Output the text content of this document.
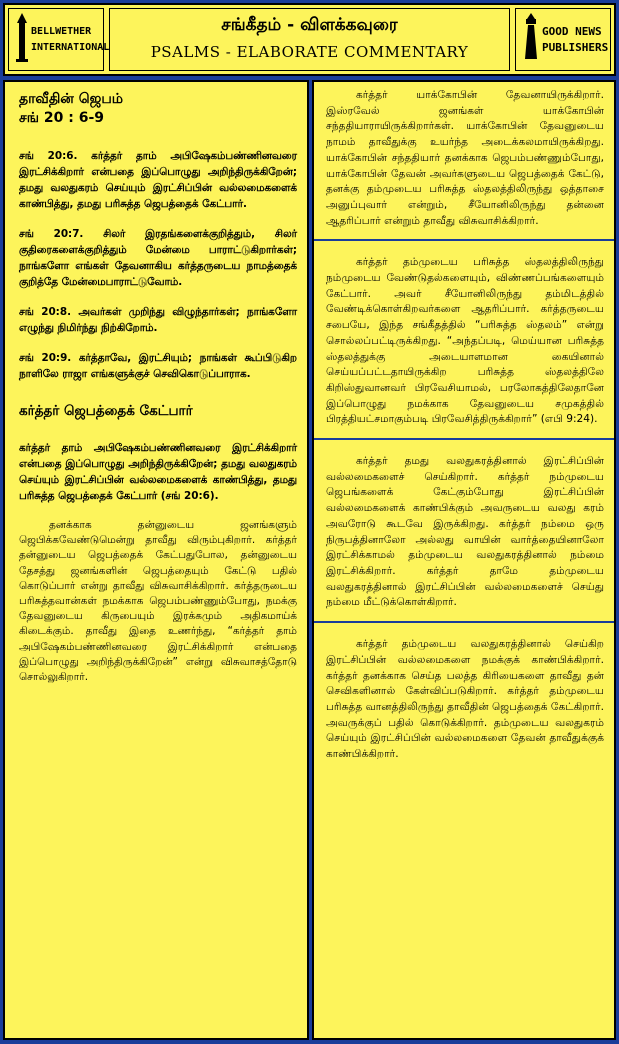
BELLWETHER
INTERNATIONAL
சங்கீதம் - விளக்கவுரை
PSALMS - ELABORATE COMMENTARY
GOOD NEWS
PUBLISHERS

தாவீதின் ஜெபம்

சங் 20 : 6-9

சங் 20:6. கர்த்தர் தாம் அபிஷேகம்பண்ணினவரை இரட்சிக்கிறார் என்பதை இப்பொழுது அறிந்திருக்கிறேன்; தமது வலதுகரம் செய்யும் இரட்சிப்பின் வல்லமைகளைக் காண்பித்து, தமது பரிசுத்த ஜெபத்தைக் கேட்பார்.

சங் 20:7. சிலர் இரதங்களைக்குறித்தும், சிலர் குதிரைகளைக்குறித்தும் மேன்மை பாராட்டுகிறார்கள்; நாங்களோ எங்கள் தேவனாகிய கர்த்தருடைய நாமத்தைக் குறித்தே மேன்மைபாராட்டுவோம்.

சங் 20:8. அவர்கள் முறிந்து விழுந்தார்கள்; நாங்களோ எழுந்து நிமிர்ந்து நிற்கிறோம்.

சங் 20:9. கர்த்தாவே, இரட்சியும்; நாங்கள் கூப்பிடுகிற நாளிலே ராஜா எங்களுக்குச் செவிகொடுப்பாராக.

கர்த்தர் ஜெபத்தைக் கேட்பார்

கர்த்தர் தாம் அபிஷேகம்பண்ணினவரை இரட்சிக்கிறார் என்பதை இப்பொழுது அறிந்திருக்கிறேன்; தமது வலதுகரம் செய்யும் இரட்சிப்பின் வல்லமைகளைக் காண்பித்து, தமது பரிசுத்த ஜெபத்தைக் கேட்பார் (சங் 20:6).

தனக்காக தன்னுடைய ஜனங்களும் ஜெபிக்கவேண்டுமென்று தாவீது விரும்புகிறார். கர்த்தர் தன்னுடைய ஜெபத்தைக் கேட்பதுபோல, தன்னுடைய தேசத்து ஜனங்களின் ஜெபத்தையும் கேட்டு பதில் கொடுப்பார் என்று தாவீது விசுவாசிக்கிறார். கர்த்தருடைய பரிசுத்தவான்கள் நமக்காக ஜெபம்பண்ணும்போது, நமக்கு தேவனுடைய கிருபையும் இரக்கமும் அதிகமாய்க் கிடைக்கும். தாவீது இதை உணர்ந்து, “கர்த்தர் தாம் அபிஷேகம்பண்ணினவரை இரட்சிக்கிறார் என்பதை இப்பொழுது அறிந்திருக்கிறேன்” என்று விசுவாசத்தோடு சொல்லுகிறார்.

கர்த்தர் யாக்கோபின் தேவனாயிருக்கிறார். இஸ்ரவேல் ஜனங்கள் யாக்கோபின் சந்ததியாராயிருக்கிறார்கள். யாக்கோபின் தேவனுடைய நாமம் தாவீதுக்கு உயர்ந்த அடைக்கலமாயிருக்கிறது. யாக்கோபின் சந்ததியார் தனக்காக ஜெபம்பண்ணும்போது, யாக்கோபின் தேவன் அவர்களுடைய ஜெபத்தைக் கேட்டு, தனக்கு தம்முடைய பரிசுத்த ஸ்தலத்திலிருந்து ஒத்தாசை அனுப்புவார் என்றும், சீயோனிலிருந்து தன்னை ஆதரிப்பார் என்றும் தாவீது விசுவாசிக்கிறார்.

கர்த்தர் தம்முடைய பரிசுத்த ஸ்தலத்திலிருந்து நம்முடைய வேண்டுதல்களையும், விண்ணப்பங்களையும் கேட்பார். அவர் சீயோனிலிருந்து தம்மிடத்தில் வேண்டிக்கொள்கிறவர்களை ஆதரிப்பார். கர்த்தருடைய சபையே, இந்த சங்கீதத்தில் “பரிசுத்த ஸ்தலம்” என்று சொல்லப்பட்டிருக்கிறது. “அந்தப்படி, மெய்யான பரிசுத்த ஸ்தலத்துக்கு அடையாளமான கையினால் செய்யப்பட்டதாயிருக்கிற பரிசுத்த ஸ்தலத்திலே கிறிஸ்துவானவர் பிரவேசியாமல், பரலோகத்திலேதானே இப்பொழுது நமக்காக தேவனுடைய சமுகத்தில் பிரத்தியட்சமாகும்படி பிரவேசித்திருக்கிறார்” (எபி 9:24).

கர்த்தர் தமது வலதுகரத்தினால் இரட்சிப்பின் வல்லமைகளைச் செய்கிறார். கர்த்தர் நம்முடைய ஜெபங்களைக் கேட்கும்போது இரட்சிப்பின் வல்லமைகளைக் காண்பிக்கும் அவருடைய வலது கரம் அவரோடு கூடவே இருக்கிறது. கர்த்தர் நம்மை ஒரு நிருபத்தினாலோ அல்லது வாயின் வார்த்தையினாலோ இரட்சிக்காமல் தம்முடைய வலதுகரத்தினால் நம்மை இரட்சிக்கிறார். கர்த்தர் தாமே தம்முடைய வலதுகரத்தினால் இரட்சிப்பின் வல்லமைகளைச் செய்து நம்மை மீட்டுக்கொள்கிறார்.

கர்த்தர் தம்முடைய வலதுகரத்தினால் செய்கிற இரட்சிப்பின் வல்லமைகளை நமக்குக் காண்பிக்கிறார். கர்த்தர் தனக்காக செய்த பலத்த கிரியைகளை தாவீது தன் செவிகளினால் கேள்விப்படுகிறார். கர்த்தர் தம்முடைய பரிசுத்த வானத்திலிருந்து தாவீதின் ஜெபத்தைக் கேட்கிறார். அவருக்குப் பதில் கொடுக்கிறார். தம்முடைய வலதுகரம் செய்யும் இரட்சிப்பின் வல்லமைகளை தேவன் தாவீதுக்குக் காண்பிக்கிறார்.
